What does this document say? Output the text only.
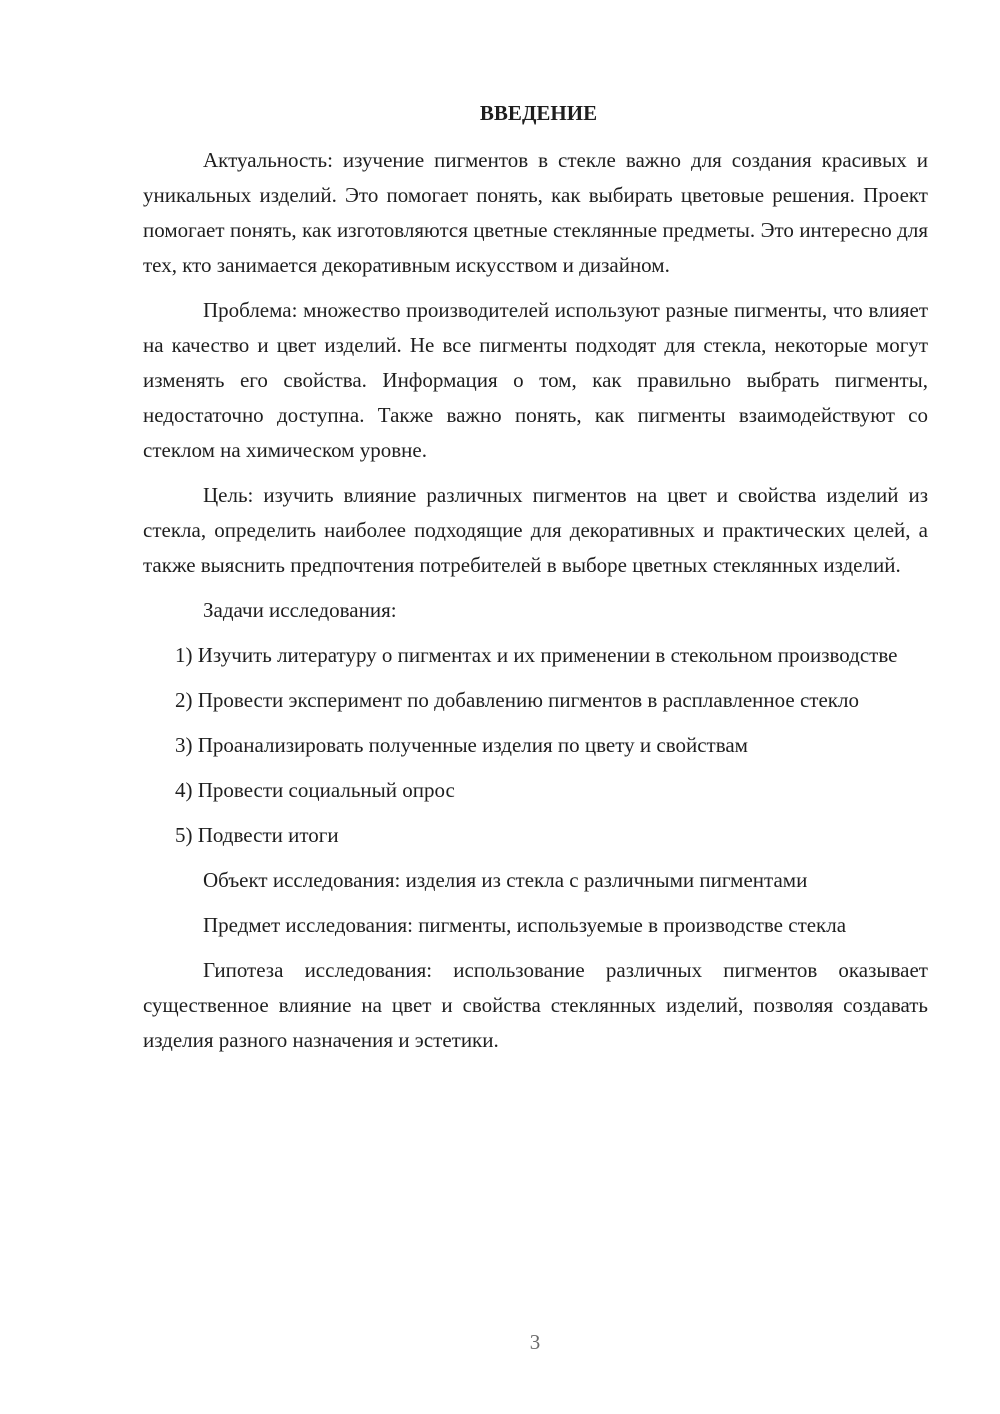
ВВЕДЕНИЕ

Актуальность: изучение пигментов в стекле важно для создания красивых и уникальных изделий. Это помогает понять, как выбирать цветовые решения. Проект помогает понять, как изготовляются цветные стеклянные предметы. Это интересно для тех, кто занимается декоративным искусством и дизайном.

Проблема: множество производителей используют разные пигменты, что влияет на качество и цвет изделий. Не все пигменты подходят для стекла, некоторые могут изменять его свойства. Информация о том, как правильно выбрать пигменты, недостаточно доступна. Также важно понять, как пигменты взаимодействуют со стеклом на химическом уровне.

Цель: изучить влияние различных пигментов на цвет и свойства изделий из стекла, определить наиболее подходящие для декоративных и практических целей, а также выяснить предпочтения потребителей в выборе цветных стеклянных изделий.

Задачи исследования:

1) Изучить литературу о пигментах и их применении в стекольном производстве

2) Провести эксперимент по добавлению пигментов в расплавленное стекло

3) Проанализировать полученные изделия по цвету и свойствам

4) Провести социальный опрос

5) Подвести итоги

Объект исследования: изделия из стекла с различными пигментами

Предмет исследования: пигменты, используемые в производстве стекла

Гипотеза исследования: использование различных пигментов оказывает существенное влияние на цвет и свойства стеклянных изделий, позволяя создавать изделия разного назначения и эстетики.

3
